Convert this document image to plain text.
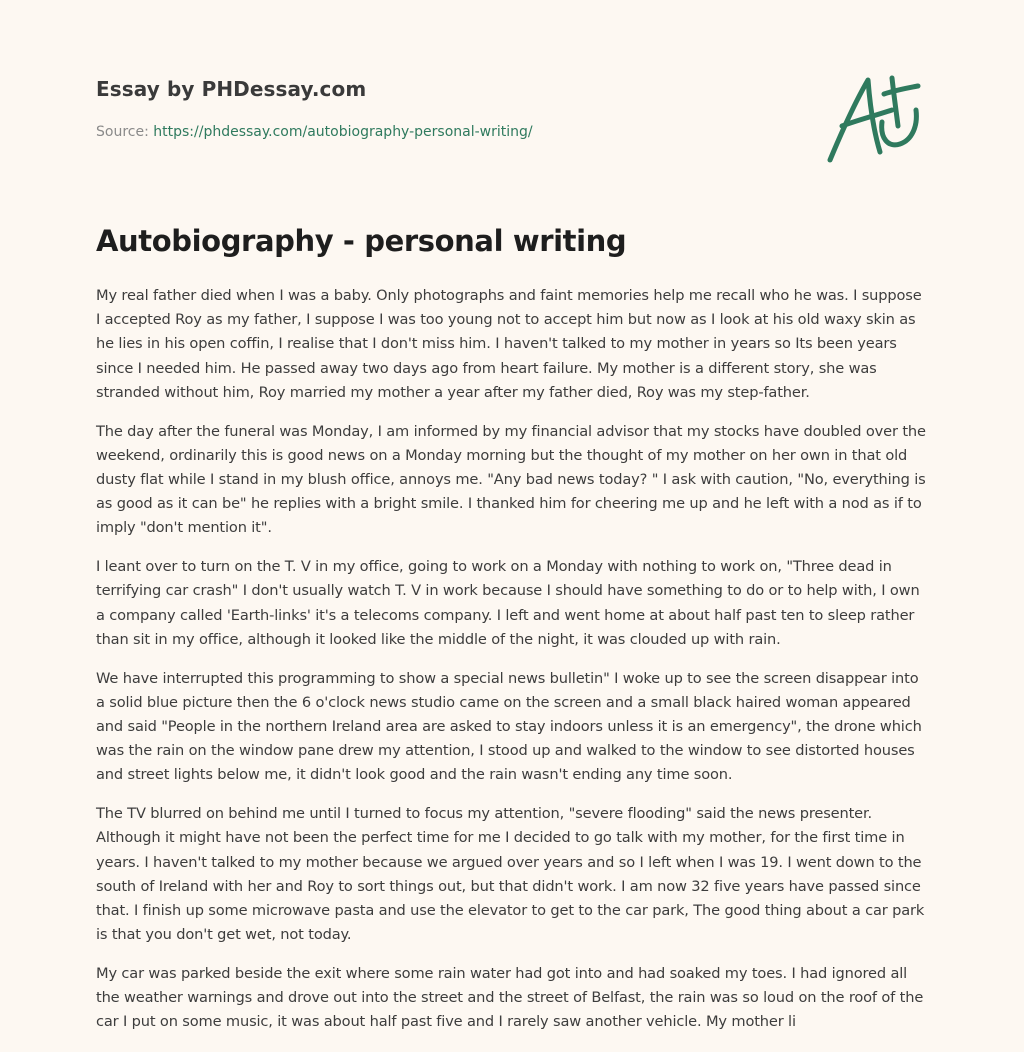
Essay by PHDessay.com
Source: https://phdessay.com/autobiography-personal-writing/
Autobiography - personal writing

My real father died when I was a baby. Only photographs and faint memories help me recall who he was. I suppose I accepted Roy as my father, I suppose I was too young not to accept him but now as I look at his old waxy skin as he lies in his open coffin, I realise that I don't miss him. I haven't talked to my mother in years so Its been years since I needed him. He passed away two days ago from heart failure. My mother is a different story, she was stranded without him, Roy married my mother a year after my father died, Roy was my step-father.

The day after the funeral was Monday, I am informed by my financial advisor that my stocks have doubled over the weekend, ordinarily this is good news on a Monday morning but the thought of my mother on her own in that old dusty flat while I stand in my blush office, annoys me. "Any bad news today? " I ask with caution, "No, everything is as good as it can be" he replies with a bright smile. I thanked him for cheering me up and he left with a nod as if to imply "don't mention it".

I leant over to turn on the T. V in my office, going to work on a Monday with nothing to work on, "Three dead in terrifying car crash" I don't usually watch T. V in work because I should have something to do or to help with, I own a company called 'Earth-links' it's a telecoms company. I left and went home at about half past ten to sleep rather than sit in my office, although it looked like the middle of the night, it was clouded up with rain.

We have interrupted this programming to show a special news bulletin" I woke up to see the screen disappear into a solid blue picture then the 6 o'clock news studio came on the screen and a small black haired woman appeared and said "People in the northern Ireland area are asked to stay indoors unless it is an emergency", the drone which was the rain on the window pane drew my attention, I stood up and walked to the window to see distorted houses and street lights below me, it didn't look good and the rain wasn't ending any time soon.

The TV blurred on behind me until I turned to focus my attention, "severe flooding" said the news presenter. Although it might have not been the perfect time for me I decided to go talk with my mother, for the first time in years. I haven't talked to my mother because we argued over years and so I left when I was 19. I went down to the south of Ireland with her and Roy to sort things out, but that didn't work. I am now 32 five years have passed since that. I finish up some microwave pasta and use the elevator to get to the car park, The good thing about a car park is that you don't get wet, not today.

My car was parked beside the exit where some rain water had got into and had soaked my toes. I had ignored all the weather warnings and drove out into the street and the street of Belfast, the rain was so loud on the roof of the car I put on some music, it was about half past five and I rarely saw another vehicle. My mother li
